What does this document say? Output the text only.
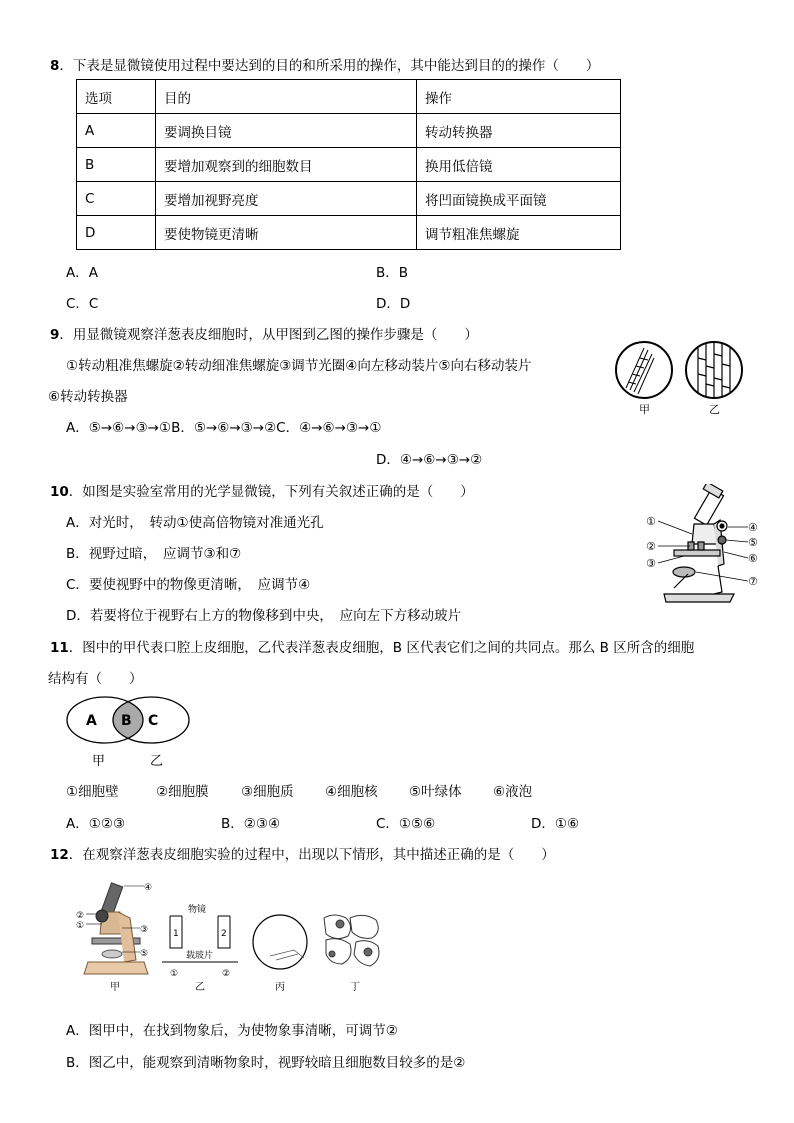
8．下表是显微镜使用过程中要达到的目的和所采用的操作，其中能达到目的的操作（　　）
选项	目的	操作
A	要调换目镜	转动转换器
B	要增加观察到的细胞数目	换用低倍镜
C	要增加视野亮度	将凹面镜换成平面镜
D	要使物镜更清晰	调节粗准焦螺旋
A．A	B．B
C．C	D．D
9．用显微镜观察洋葱表皮细胞时，从甲图到乙图的操作步骤是（　　）
①转动粗准焦螺旋②转动细准焦螺旋③调节光圈④向左移动装片⑤向右移动装片
⑥转动转换器
A．⑤→⑥→③→①B．⑤→⑥→③→②C．④→⑥→③→①
D．④→⑥→③→②
甲	乙
10．如图是实验室常用的光学显微镜，下列有关叙述正确的是（　　）
A．对光时，　转动①使高倍物镜对准通光孔
B．视野过暗，　应调节③和⑦
C．要使视野中的物像更清晰，　应调节④
D．若要将位于视野右上方的物像移到中央，　应向左下方移动玻片
①
②
③
④
⑤
⑥
⑦
11．图中的甲代表口腔上皮细胞，乙代表洋葱表皮细胞，B 区代表它们之间的共同点。那么 B 区所含的细胞
结构有（　　）
A B C
甲	乙
①细胞壁	②细胞膜 ③细胞质 ④细胞核 ⑤叶绿体 ⑥液泡
A．①②③	B．②③④	C．①⑤⑥	D．①⑥
12．在观察洋葱表皮细胞实验的过程中，出现以下情形，其中描述正确的是（　　）
④
②
①	③
⑤
甲
物镜
1	2
载玻片
①	②
乙	丙	丁
A．图甲中，在找到物象后，为使物象事清晰，可调节②
B．图乙中，能观察到清晰物象时，视野较暗且细胞数目较多的是②
